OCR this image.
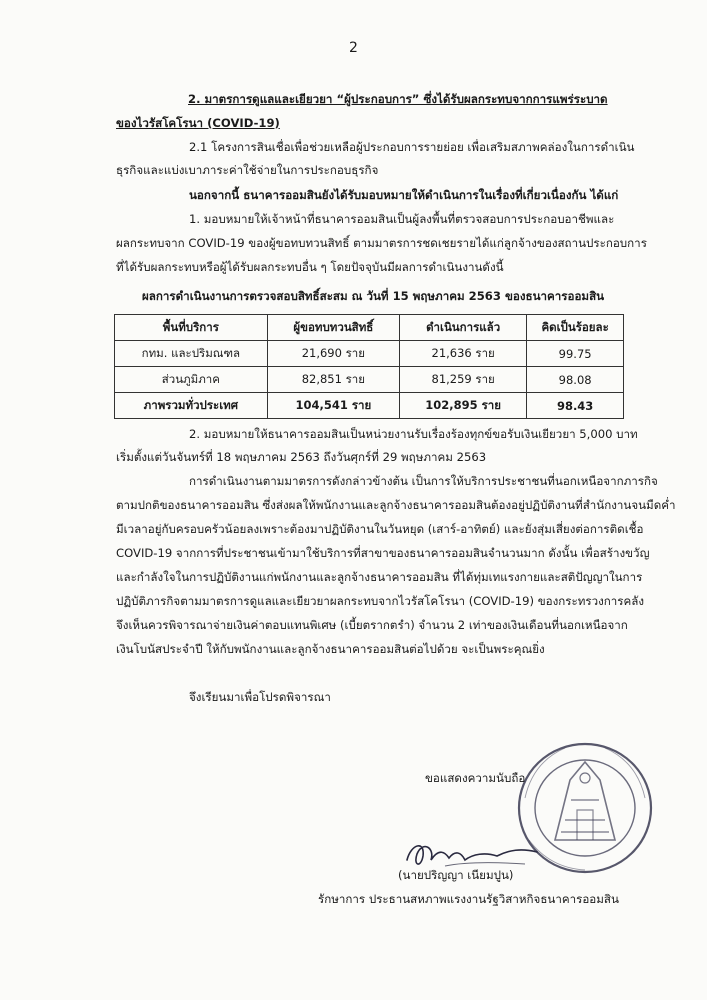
2
2. มาตรการดูแลและเยียวยา “ผู้ประกอบการ” ซึ่งได้รับผลกระทบจากการแพร่ระบาด
ของไวรัสโคโรนา (COVID-19)
2.1 โครงการสินเชื่อเพื่อช่วยเหลือผู้ประกอบการรายย่อย เพื่อเสริมสภาพคล่องในการดำเนิน
ธุรกิจและแบ่งเบาภาระค่าใช้จ่ายในการประกอบธุรกิจ
นอกจากนี้ ธนาคารออมสินยังได้รับมอบหมายให้ดำเนินการในเรื่องที่เกี่ยวเนื่องกัน ได้แก่
1. มอบหมายให้เจ้าหน้าที่ธนาคารออมสินเป็นผู้ลงพื้นที่ตรวจสอบการประกอบอาชีพและ
ผลกระทบจาก COVID-19 ของผู้ขอทบทวนสิทธิ์ ตามมาตรการชดเชยรายได้แก่ลูกจ้างของสถานประกอบการ
ที่ได้รับผลกระทบหรือผู้ได้รับผลกระทบอื่น ๆ โดยปัจจุบันมีผลการดำเนินงานดังนี้
ผลการดำเนินงานการตรวจสอบสิทธิ์สะสม ณ วันที่ 15 พฤษภาคม 2563 ของธนาคารออมสิน
พื้นที่บริการ	ผู้ขอทบทวนสิทธิ์	ดำเนินการแล้ว	คิดเป็นร้อยละ
กทม. และปริมณฑล	21,690 ราย	21,636 ราย	99.75
ส่วนภูมิภาค	82,851 ราย	81,259 ราย	98.08
ภาพรวมทั่วประเทศ	104,541 ราย	102,895 ราย	98.43
2. มอบหมายให้ธนาคารออมสินเป็นหน่วยงานรับเรื่องร้องทุกข์ขอรับเงินเยียวยา 5,000 บาท
เริ่มตั้งแต่วันจันทร์ที่ 18 พฤษภาคม 2563 ถึงวันศุกร์ที่ 29 พฤษภาคม 2563
การดำเนินงานตามมาตรการดังกล่าวข้างต้น เป็นการให้บริการประชาชนที่นอกเหนือจากภารกิจ
ตามปกติของธนาคารออมสิน ซึ่งส่งผลให้พนักงานและลูกจ้างธนาคารออมสินต้องอยู่ปฏิบัติงานที่สำนักงานจนมืดค่ำ
มีเวลาอยู่กับครอบครัวน้อยลงเพราะต้องมาปฏิบัติงานในวันหยุด (เสาร์-อาทิตย์) และยังสุ่มเสี่ยงต่อการติดเชื้อ
COVID-19 จากการที่ประชาชนเข้ามาใช้บริการที่สาขาของธนาคารออมสินจำนวนมาก ดังนั้น เพื่อสร้างขวัญ
และกำลังใจในการปฏิบัติงานแก่พนักงานและลูกจ้างธนาคารออมสิน ที่ได้ทุ่มเทแรงกายและสติปัญญาในการ
ปฏิบัติภารกิจตามมาตรการดูแลและเยียวยาผลกระทบจากไวรัสโคโรนา (COVID-19) ของกระทรวงการคลัง
จึงเห็นควรพิจารณาจ่ายเงินค่าตอบแทนพิเศษ (เบี้ยตรากตรำ) จำนวน 2 เท่าของเงินเดือนที่นอกเหนือจาก
เงินโบนัสประจำปี ให้กับพนักงานและลูกจ้างธนาคารออมสินต่อไปด้วย จะเป็นพระคุณยิ่ง
จึงเรียนมาเพื่อโปรดพิจารณา
ขอแสดงความนับถือ
(นายปริญญา เนียมปูน)
รักษาการ ประธานสหภาพแรงงานรัฐวิสาหกิจธนาคารออมสิน
